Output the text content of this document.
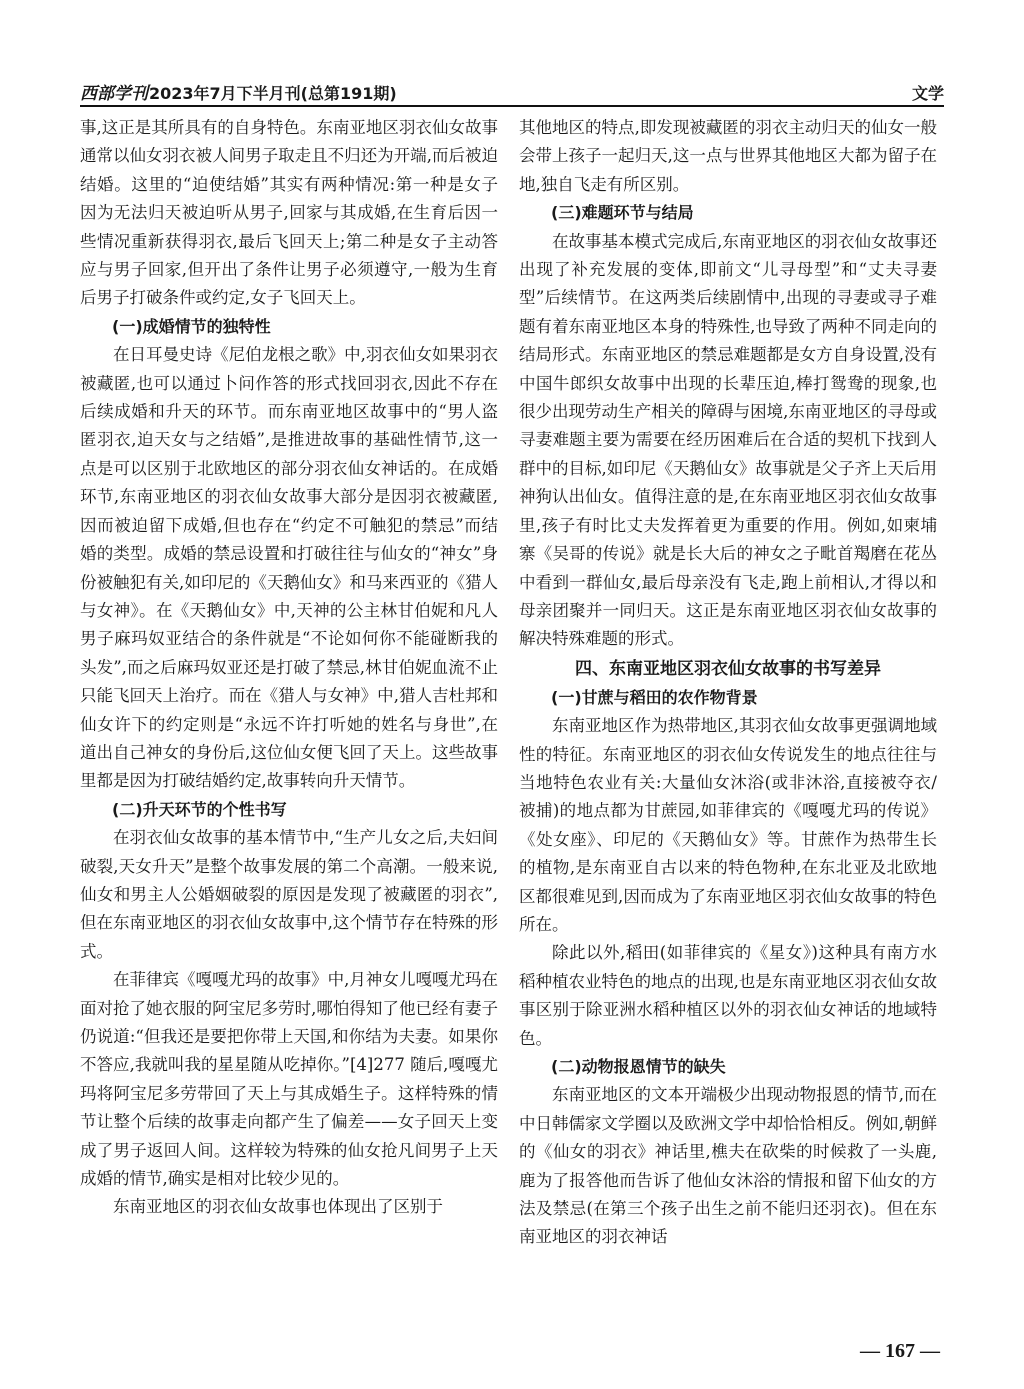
西部学刊 2023年7月下半月刊(总第191期)	文学

事,这正是其所具有的自身特色。东南亚地区羽衣仙女故事通常以仙女羽衣被人间男子取走且不归还为开端,而后被迫结婚。这里的“迫使结婚”其实有两种情况:第一种是女子因为无法归天被迫听从男子,回家与其成婚,在生育后因一些情况重新获得羽衣,最后飞回天上;第二种是女子主动答应与男子回家,但开出了条件让男子必须遵守,一般为生育后男子打破条件或约定,女子飞回天上。

(一)成婚情节的独特性

在日耳曼史诗《尼伯龙根之歌》中,羽衣仙女如果羽衣被藏匿,也可以通过卜问作答的形式找回羽衣,因此不存在后续成婚和升天的环节。而东南亚地区故事中的“男人盗匿羽衣,迫天女与之结婚”,是推进故事的基础性情节,这一点是可以区别于北欧地区的部分羽衣仙女神话的。在成婚环节,东南亚地区的羽衣仙女故事大部分是因羽衣被藏匿,因而被迫留下成婚,但也存在“约定不可触犯的禁忌”而结婚的类型。成婚的禁忌设置和打破往往与仙女的“神女”身份被触犯有关,如印尼的《天鹅仙女》和马来西亚的《猎人与女神》。在《天鹅仙女》中,天神的公主林甘伯妮和凡人男子麻玛奴亚结合的条件就是“不论如何你不能碰断我的头发”,而之后麻玛奴亚还是打破了禁忌,林甘伯妮血流不止只能飞回天上治疗。而在《猎人与女神》中,猎人吉杜邦和仙女许下的约定则是“永远不许打听她的姓名与身世”,在道出自己神女的身份后,这位仙女便飞回了天上。这些故事里都是因为打破结婚约定,故事转向升天情节。

(二)升天环节的个性书写

在羽衣仙女故事的基本情节中,“生产儿女之后,夫妇间破裂,天女升天”是整个故事发展的第二个高潮。一般来说,仙女和男主人公婚姻破裂的原因是发现了被藏匿的羽衣”,但在东南亚地区的羽衣仙女故事中,这个情节存在特殊的形式。

在菲律宾《嘎嘎尤玛的故事》中,月神女儿嘎嘎尤玛在面对抢了她衣服的阿宝尼多劳时,哪怕得知了他已经有妻子仍说道:“但我还是要把你带上天国,和你结为夫妻。如果你不答应,我就叫我的星星随从吃掉你。”[4]277 随后,嘎嘎尤玛将阿宝尼多劳带回了天上与其成婚生子。这样特殊的情节让整个后续的故事走向都产生了偏差——女子回天上变成了男子返回人间。这样较为特殊的仙女抢凡间男子上天成婚的情节,确实是相对比较少见的。

东南亚地区的羽衣仙女故事也体现出了区别于

其他地区的特点,即发现被藏匿的羽衣主动归天的仙女一般会带上孩子一起归天,这一点与世界其他地区大都为留子在地,独自飞走有所区别。

(三)难题环节与结局

在故事基本模式完成后,东南亚地区的羽衣仙女故事还出现了补充发展的变体,即前文“儿寻母型”和“丈夫寻妻型”后续情节。在这两类后续剧情中,出现的寻妻或寻子难题有着东南亚地区本身的特殊性,也导致了两种不同走向的结局形式。东南亚地区的禁忌难题都是女方自身设置,没有中国牛郎织女故事中出现的长辈压迫,棒打鸳鸯的现象,也很少出现劳动生产相关的障碍与困境,东南亚地区的寻母或寻妻难题主要为需要在经历困难后在合适的契机下找到人群中的目标,如印尼《天鹅仙女》故事就是父子齐上天后用神狗认出仙女。值得注意的是,在东南亚地区羽衣仙女故事里,孩子有时比丈夫发挥着更为重要的作用。例如,如柬埔寨《吴哥的传说》就是长大后的神女之子毗首羯磨在花丛中看到一群仙女,最后母亲没有飞走,跑上前相认,才得以和母亲团聚并一同归天。这正是东南亚地区羽衣仙女故事的解决特殊难题的形式。

四、东南亚地区羽衣仙女故事的书写差异
(一)甘蔗与稻田的农作物背景

东南亚地区作为热带地区,其羽衣仙女故事更强调地域性的特征。东南亚地区的羽衣仙女传说发生的地点往往与当地特色农业有关:大量仙女沐浴(或非沐浴,直接被夺衣/被捕)的地点都为甘蔗园,如菲律宾的《嘎嘎尤玛的传说》《处女座》、印尼的《天鹅仙女》等。甘蔗作为热带生长的植物,是东南亚自古以来的特色物种,在东北亚及北欧地区都很难见到,因而成为了东南亚地区羽衣仙女故事的特色所在。

除此以外,稻田(如菲律宾的《星女》)这种具有南方水稻种植农业特色的地点的出现,也是东南亚地区羽衣仙女故事区别于除亚洲水稻种植区以外的羽衣仙女神话的地域特色。

(二)动物报恩情节的缺失

东南亚地区的文本开端极少出现动物报恩的情节,而在中日韩儒家文学圈以及欧洲文学中却恰恰相反。例如,朝鲜的《仙女的羽衣》神话里,樵夫在砍柴的时候救了一头鹿,鹿为了报答他而告诉了他仙女沐浴的情报和留下仙女的方法及禁忌(在第三个孩子出生之前不能归还羽衣)。但在东南亚地区的羽衣神话

— 167 —
